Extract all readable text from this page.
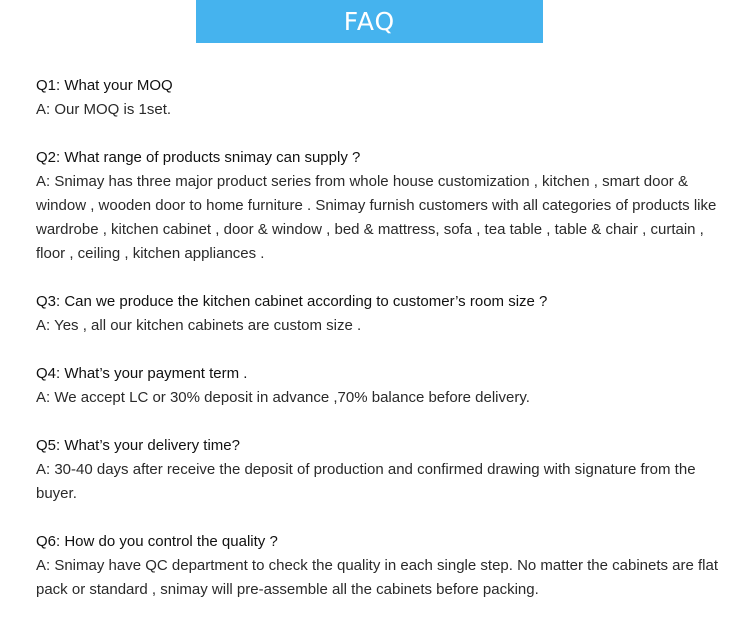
FAQ

Q1: What your MOQ

A: Our MOQ is 1set.

Q2: What range of products snimay can supply ?

A: Snimay has three major product series from whole house customization , kitchen , smart door & window , wooden door to home furniture . Snimay furnish customers with all categories of products like wardrobe , kitchen cabinet , door & window , bed & mattress, sofa , tea table , table & chair , curtain , floor , ceiling , kitchen appliances .

Q3: Can we produce the kitchen cabinet according to customer’s room size ?

A: Yes , all our kitchen cabinets are custom size .

Q4: What’s your payment term .

A: We accept LC or 30% deposit in advance ,70% balance before delivery.

Q5: What’s your delivery time?

A: 30-40 days after receive the deposit of production and confirmed drawing with signature from the buyer.

Q6: How do you control the quality ?

A: Snimay have QC department to check the quality in each single step. No matter the cabinets are flat pack or standard , snimay will pre-assemble all the cabinets before packing.
